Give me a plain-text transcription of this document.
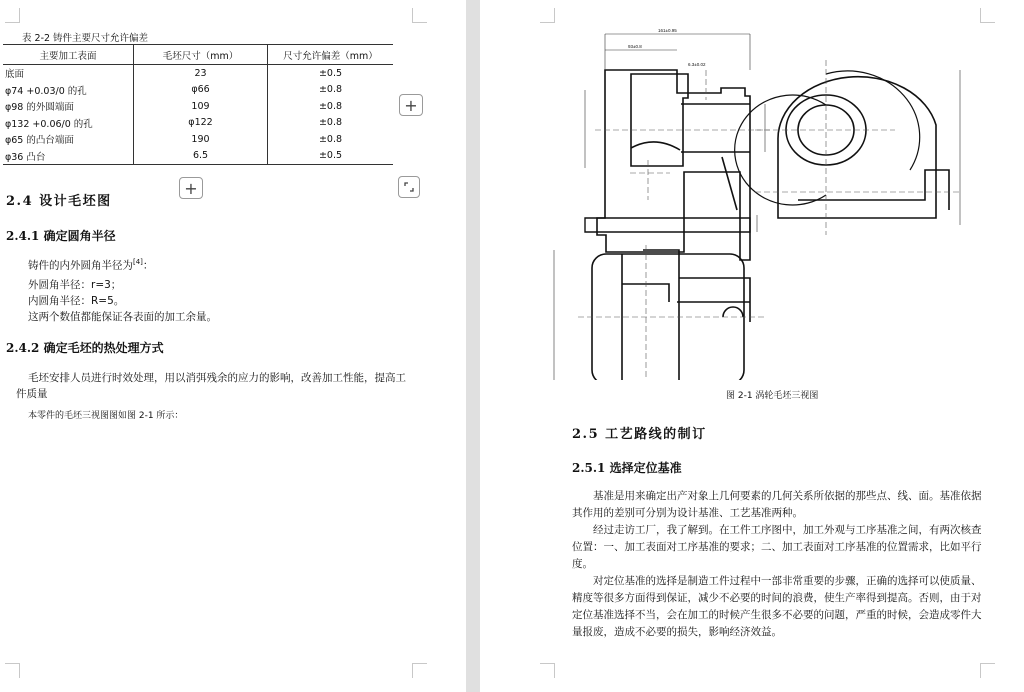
表 2-2 铸件主要尺寸允许偏差
主要加工表面	毛坯尺寸（mm）	尺寸允许偏差（mm）
底面	23	±0.5
φ74 +0.03/0 的孔	φ66	±0.8
φ98 的外圆端面	109	±0.8
φ132 +0.06/0 的孔	φ122	±0.8
φ65 的凸台端面	190	±0.8
φ36 凸台	6.5	±0.5
+
+
2.4 设计毛坯图
2.4.1 确定圆角半径
铸件的内外圆角半径为[4]：
外圆角半径：r=3；
内圆角半径：R=5。
这两个数值都能保证各表面的加工余量。
2.4.2 确定毛坯的热处理方式
毛坯安排人员进行时效处理，用以消弭残余的应力的影响，改善加工性能，提高工件质量
本零件的毛坯三视图图如图 2-1 所示：
161±0.95
93±0.8
6.3±0.02
图 2-1 涡轮毛坯三视图
2.5 工艺路线的制订
2.5.1 选择定位基准
基准是用来确定出产对象上几何要素的几何关系所依据的那些点、线、面。基准依据其作用的差别可分别为设计基准、工艺基准两种。
经过走访工厂，我了解到。在工件工序图中，加工外观与工序基准之间，有两次核查位置：一、加工表面对工序基准的要求；二、加工表面对工序基准的位置需求，比如平行度。
对定位基准的选择是制造工件过程中一部非常重要的步骤，正确的选择可以使质量、精度等很多方面得到保证，减少不必要的时间的浪费，使生产率得到提高。否则，由于对定位基准选择不当，会在加工的时候产生很多不必要的问题，严重的时候，会造成零件大量报废，造成不必要的损失，影响经济效益。
